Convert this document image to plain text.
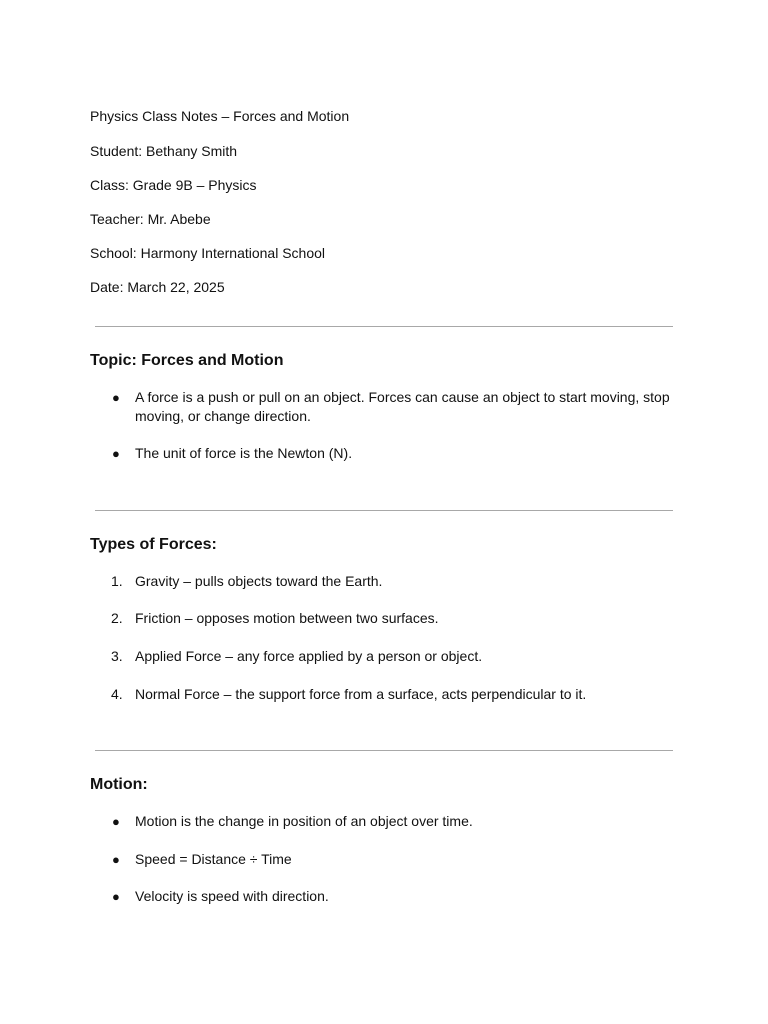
Physics Class Notes – Forces and Motion
Student: Bethany Smith
Class: Grade 9B – Physics
Teacher: Mr. Abebe
School: Harmony International School
Date: March 22, 2025
Topic: Forces and Motion
●	A force is a push or pull on an object. Forces can cause an object to start moving, stop moving, or change direction.
●	The unit of force is the Newton (N).
Types of Forces:
1. Gravity – pulls objects toward the Earth.
2. Friction – opposes motion between two surfaces.
3. Applied Force – any force applied by a person or object.
4. Normal Force – the support force from a surface, acts perpendicular to it.
Motion:
●	Motion is the change in position of an object over time.
●	Speed = Distance ÷ Time
●	Velocity is speed with direction.
